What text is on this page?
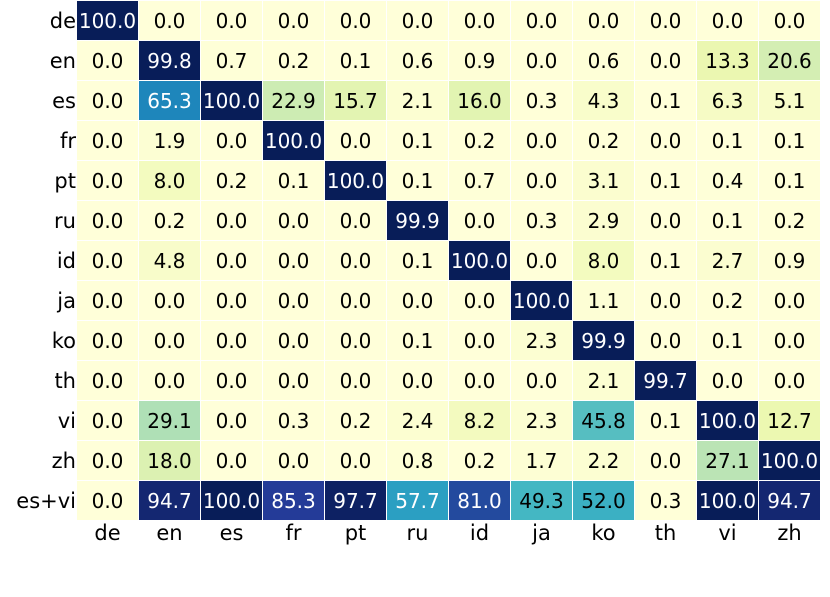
de	100.0	0.0	0.0	0.0	0.0	0.0	0.0	0.0	0.0	0.0	0.0	0.0
en	0.0	99.8	0.7	0.2	0.1	0.6	0.9	0.0	0.6	0.0	13.3	20.6
es	0.0	65.3	100.0	22.9	15.7	2.1	16.0	0.3	4.3	0.1	6.3	5.1
fr	0.0	1.9	0.0	100.0	0.0	0.1	0.2	0.0	0.2	0.0	0.1	0.1
pt	0.0	8.0	0.2	0.1	100.0	0.1	0.7	0.0	3.1	0.1	0.4	0.1
ru	0.0	0.2	0.0	0.0	0.0	99.9	0.0	0.3	2.9	0.0	0.1	0.2
id	0.0	4.8	0.0	0.0	0.0	0.1	100.0	0.0	8.0	0.1	2.7	0.9
ja	0.0	0.0	0.0	0.0	0.0	0.0	0.0	100.0	1.1	0.0	0.2	0.0
ko	0.0	0.0	0.0	0.0	0.0	0.1	0.0	2.3	99.9	0.0	0.1	0.0
th	0.0	0.0	0.0	0.0	0.0	0.0	0.0	0.0	2.1	99.7	0.0	0.0
vi	0.0	29.1	0.0	0.3	0.2	2.4	8.2	2.3	45.8	0.1	100.0	12.7
zh	0.0	18.0	0.0	0.0	0.0	0.8	0.2	1.7	2.2	0.0	27.1	100.0
es+vi	0.0	94.7	100.0	85.3	97.7	57.7	81.0	49.3	52.0	0.3	100.0	94.7
	de	en	es	fr	pt	ru	id	ja	ko	th	vi	zh
